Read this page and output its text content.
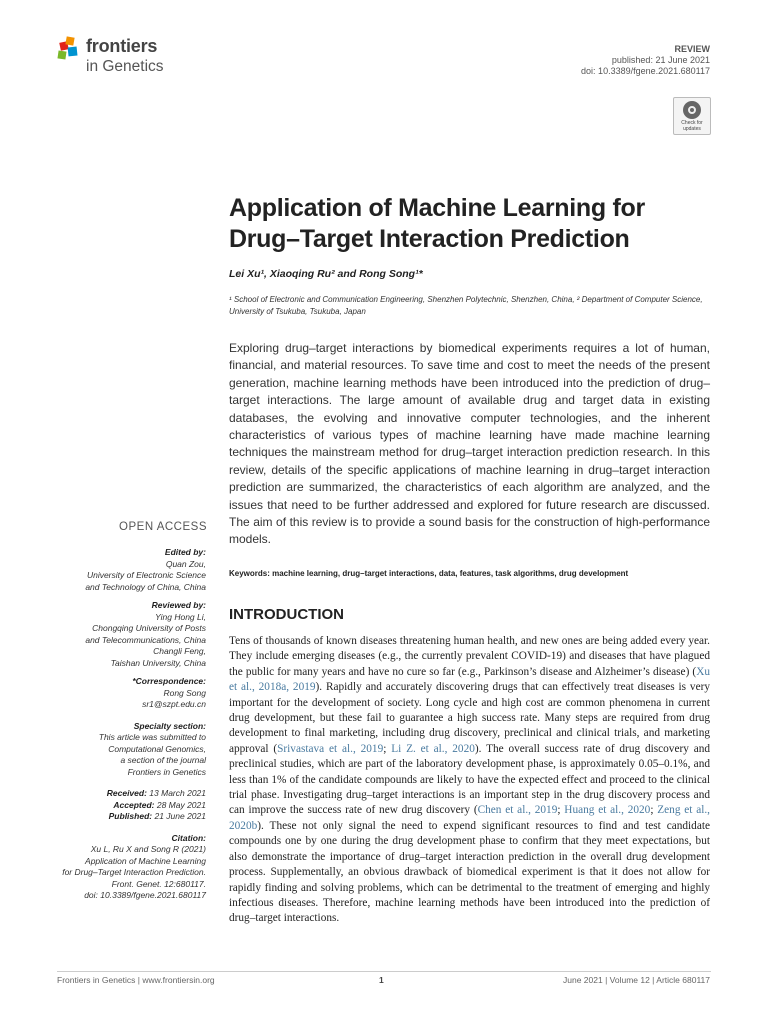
frontiers
in Genetics
REVIEW
published: 21 June 2021
doi: 10.3389/fgene.2021.680117
Check for updates
Application of Machine Learning for Drug–Target Interaction Prediction
Lei Xu¹, Xiaoqing Ru² and Rong Song¹*
¹ School of Electronic and Communication Engineering, Shenzhen Polytechnic, Shenzhen, China, ² Department of Computer Science, University of Tsukuba, Tsukuba, Japan
Exploring drug–target interactions by biomedical experiments requires a lot of human, financial, and material resources. To save time and cost to meet the needs of the present generation, machine learning methods have been introduced into the prediction of drug–target interactions. The large amount of available drug and target data in existing databases, the evolving and innovative computer technologies, and the inherent characteristics of various types of machine learning have made machine learning techniques the mainstream method for drug–target interaction prediction research. In this review, details of the specific applications of machine learning in drug–target interaction prediction are summarized, the characteristics of each algorithm are analyzed, and the issues that need to be further addressed and explored for future research are discussed. The aim of this review is to provide a sound basis for the construction of high-performance models.
Keywords: machine learning, drug–target interactions, data, features, task algorithms, drug development
INTRODUCTION
Tens of thousands of known diseases threatening human health, and new ones are being added every year. They include emerging diseases (e.g., the currently prevalent COVID-19) and diseases that have plagued the public for many years and have no cure so far (e.g., Parkinson’s disease and Alzheimer’s disease) (Xu et al., 2018a, 2019). Rapidly and accurately discovering drugs that can effectively treat diseases is very important for the development of society. Long cycle and high cost are common phenomena in current drug development, but these fail to guarantee a high success rate. Many steps are required from drug development to final marketing, including drug discovery, preclinical and clinical trials, and marketing approval (Srivastava et al., 2019; Li Z. et al., 2020). The overall success rate of drug discovery and preclinical studies, which are part of the laboratory development phase, is approximately 0.05–0.1%, and less than 1% of the candidate compounds are likely to have the expected effect and proceed to the clinical trial phase. Investigating drug–target interactions is an important step in the drug discovery process and can improve the success rate of new drug discovery (Chen et al., 2019; Huang et al., 2020; Zeng et al., 2020b). These not only signal the need to expend significant resources to find and test candidate compounds one by one during the drug development phase to confirm that they meet expectations, but also demonstrate the importance of drug–target interaction prediction in the overall drug development process. Supplementally, an obvious drawback of biomedical experiment is that it does not allow for rapidly finding and solving problems, which can be detrimental to the treatment of emerging and highly infectious diseases. Therefore, machine learning methods have been introduced into the prediction of drug–target interactions.
OPEN ACCESS
Edited by:
Quan Zou,
University of Electronic Science
and Technology of China, China
Reviewed by:
Ying Hong Li,
Chongqing University of Posts
and Telecommunications, China
Changli Feng,
Taishan University, China
*Correspondence:
Rong Song
sr1@szpt.edu.cn
Specialty section:
This article was submitted to
Computational Genomics,
a section of the journal
Frontiers in Genetics
Received: 13 March 2021
Accepted: 28 May 2021
Published: 21 June 2021
Citation:
Xu L, Ru X and Song R (2021)
Application of Machine Learning
for Drug–Target Interaction Prediction.
Front. Genet. 12:680117.
doi: 10.3389/fgene.2021.680117
Frontiers in Genetics | www.frontiersin.org	1	June 2021 | Volume 12 | Article 680117
